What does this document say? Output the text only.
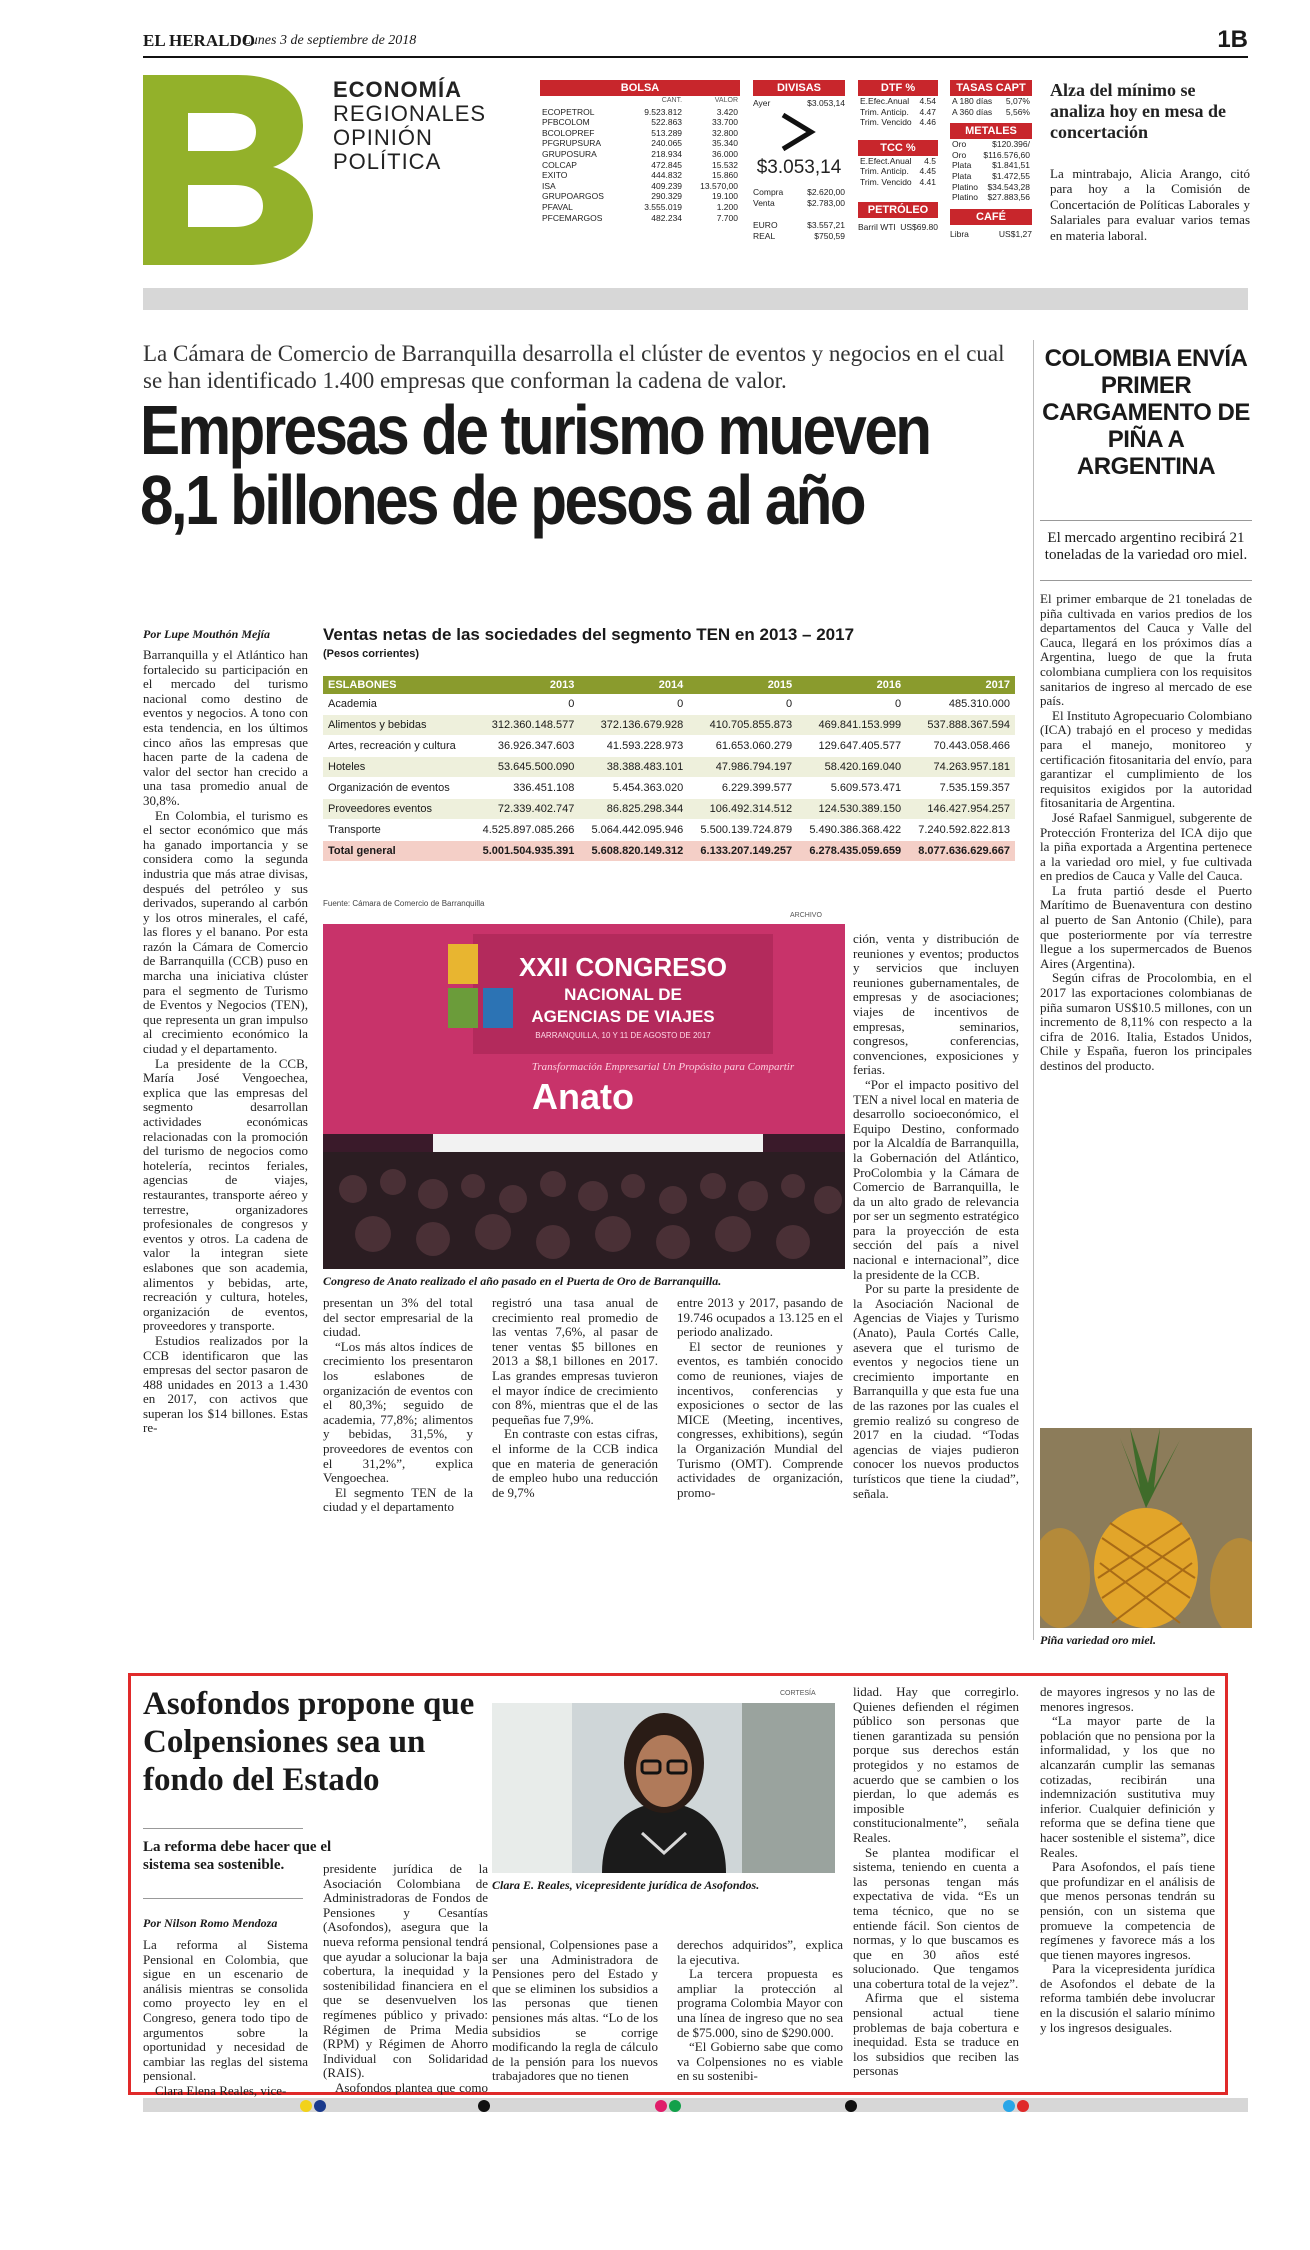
EL HERALDO
Lunes 3 de septiembre de 2018	1B
ECONOMÍA
REGIONALES
OPINIÓN
POLÍTICA
BOLSA
	CANT.	VALOR
ECOPETROL	9.523.812	3.420
PFBCOLOM	522.863	33.700
BCOLOPREF	513.289	32.800
PFGRUPSURA	240.065	35.340
GRUPOSURA	218.934	36.000
COLCAP	472.845	15.532
EXITO	444.832	15.860
ISA	409.239	13.570,00
GRUPOARGOS	290.329	19.100
PFAVAL	3.555.019	1.200
PFCEMARGOS	482.234	7.700
DIVISAS
Ayer	$3.053,14
$3.053,14
Compra	$2.620,00
Venta	$2.783,00
EURO	$3.557,21
REAL	$750,59
DTF %
E.Efec.Anual	4.54
Trim. Anticip.	4.47
Trim. Vencido	4.46
TCC %
E.Efect.Anual	4.5
Trim. Anticip.	4.45
Trim. Vencido	4.41
PETRÓLEO
Barril WTI US$69.80
TASAS CAPT
A 180 días	5,07%
A 360 días	5,56%
METALES
Oro	$120.396/
Oro	$116.576,60
Plata	$1.841,51
Plata	$1.472,55
Platino	$34.543,28
Platino	$27.883,56
CAFÉ
Libra	US$1,27
Alza del mínimo se analiza hoy en mesa de concertación
La mintrabajo, Alicia Arango, citó para hoy a la Comisión de Concertación de Políticas Laborales y Salariales para evaluar varios temas en materia laboral.
La Cámara de Comercio de Barranquilla desarrolla el clúster de eventos y negocios en el cual se han identificado 1.400 empresas que conforman la cadena de valor.
Empresas de turismo mueven
8,1 billones de pesos al año
Por Lupe Mouthón Mejía

Barranquilla y el Atlántico han fortalecido su participación en el mercado del turismo nacional como destino de eventos y negocios. A tono con esta tendencia, en los últimos cinco años las empresas que hacen parte de la cadena de valor del sector han crecido a una tasa promedio anual de 30,8%.

En Colombia, el turismo es el sector económico que más ha ganado importancia y se considera como la segunda industria que más atrae divisas, después del petróleo y sus derivados, superando al carbón y los otros minerales, el café, las flores y el banano. Por esta razón la Cámara de Comercio de Barranquilla (CCB) puso en marcha una iniciativa clúster para el segmento de Turismo de Eventos y Negocios (TEN), que representa un gran impulso al crecimiento económico la ciudad y el departamento.

La presidente de la CCB, María José Vengoechea, explica que las empresas del segmento desarrollan actividades económicas relacionadas con la promoción del turismo de negocios como hotelería, recintos feriales, agencias de viajes, restaurantes, transporte aéreo y terrestre, organizadores profesionales de congresos y eventos y otros. La cadena de valor la integran siete eslabones que son academia, alimentos y bebidas, arte, recreación y cultura, hoteles, organización de eventos, proveedores y transporte.

Estudios realizados por la CCB identificaron que las empresas del sector pasaron de 488 unidades en 2013 a 1.430 en 2017, con activos que superan los $14 billones. Estas re-

Ventas netas de las sociedades del segmento TEN en 2013 – 2017
(Pesos corrientes)
ESLABONES	2013	2014	2015	2016	2017
Academia	0	0	0	0	485.310.000
Alimentos y bebidas	312.360.148.577	372.136.679.928	410.705.855.873	469.841.153.999	537.888.367.594
Artes, recreación y cultura	36.926.347.603	41.593.228.973	61.653.060.279	129.647.405.577	70.443.058.466
Hoteles	53.645.500.090	38.388.483.101	47.986.794.197	58.420.169.040	74.263.957.181
Organización de eventos	336.451.108	5.454.363.020	6.229.399.577	5.609.573.471	7.535.159.357
Proveedores eventos	72.339.402.747	86.825.298.344	106.492.314.512	124.530.389.150	146.427.954.257
Transporte	4.525.897.085.266	5.064.442.095.946	5.500.139.724.879	5.490.386.368.422	7.240.592.822.813
Total general	5.001.504.935.391	5.608.820.149.312	6.133.207.149.257	6.278.435.059.659	8.077.636.629.667
Fuente: Cámara de Comercio de Barranquilla
ARCHIVO
XXII CONGRESO
NACIONAL DE
AGENCIAS DE VIAJES
BARRANQUILLA, 10 Y 11 DE AGOSTO DE 2017
Transformación Empresarial Un Propósito para Compartir
Anato
Congreso de Anato realizado el año pasado en el Puerta de Oro de Barranquilla.

presentan un 3% del total del sector empresarial de la ciudad.

“Los más altos índices de crecimiento los presentaron los eslabones de organización de eventos con el 80,3%; seguido de academia, 77,8%; alimentos y bebidas, 31,5%, y proveedores de eventos con el 31,2%”, explica Vengoechea.

El segmento TEN de la ciudad y el departamento

registró una tasa anual de crecimiento real promedio de las ventas 7,6%, al pasar de tener ventas $5 billones en 2013 a $8,1 billones en 2017. Las grandes empresas tuvieron el mayor índice de crecimiento con 8%, mientras que el de las pequeñas fue 7,9%.

En contraste con estas cifras, el informe de la CCB indica que en materia de generación de empleo hubo una reducción de 9,7%

entre 2013 y 2017, pasando de 19.746 ocupados a 13.125 en el periodo analizado.

El sector de reuniones y eventos, es también conocido como de reuniones, viajes de incentivos, conferencias y exposiciones o sector de las MICE (Meeting, incentives, congresses, exhibitions), según la Organización Mundial del Turismo (OMT). Comprende actividades de organización, promo-

ción, venta y distribución de reuniones y eventos; productos y servicios que incluyen reuniones gubernamentales, de empresas y de asociaciones; viajes de incentivos de empresas, seminarios, congresos, conferencias, convenciones, exposiciones y ferias.

“Por el impacto positivo del TEN a nivel local en materia de desarrollo socioeconómico, el Equipo Destino, conformado por la Alcaldía de Barranquilla, la Gobernación del Atlántico, ProColombia y la Cámara de Comercio de Barranquilla, le da un alto grado de relevancia por ser un segmento estratégico para la proyección de esta sección del país a nivel nacional e internacional”, dice la presidente de la CCB.

Por su parte la presidente de la Asociación Nacional de Agencias de Viajes y Turismo (Anato), Paula Cortés Calle, asevera que el turismo de eventos y negocios tiene un crecimiento importante en Barranquilla y que esta fue una de las razones por las cuales el gremio realizó su congreso de 2017 en la ciudad. “Todas agencias de viajes pudieron conocer los nuevos productos turísticos que tiene la ciudad”, señala.

COLOMBIA ENVÍA PRIMER CARGAMENTO DE PIÑA A ARGENTINA
El mercado argentino recibirá 21 toneladas de la variedad oro miel.

El primer embarque de 21 toneladas de piña cultivada en varios predios de los departamentos del Cauca y Valle del Cauca, llegará en los próximos días a Argentina, luego de que la fruta colombiana cumpliera con los requisitos sanitarios de ingreso al mercado de ese país.

El Instituto Agropecuario Colombiano (ICA) trabajó en el proceso y medidas para el manejo, monitoreo y certificación fitosanitaria del envío, para garantizar el cumplimiento de los requisitos exigidos por la autoridad fitosanitaria de Argentina.

José Rafael Sanmiguel, subgerente de Protección Fronteriza del ICA dijo que la piña exportada a Argentina pertenece a la variedad oro miel, y fue cultivada en predios de Cauca y Valle del Cauca.

La fruta partió desde el Puerto Marítimo de Buenaventura con destino al puerto de San Antonio (Chile), para que posteriormente por vía terrestre llegue a los supermercados de Buenos Aires (Argentina).

Según cifras de Procolombia, en el 2017 las exportaciones colombianas de piña sumaron US$10.5 millones, con un incremento de 8,11% con respecto a la cifra de 2016. Italia, Estados Unidos, Chile y España, fueron los principales destinos del producto.

Piña variedad oro miel.
Asofondos propone que Colpensiones sea un fondo del Estado
La reforma debe hacer que el sistema sea sostenible.
Por Nilson Romo Mendoza

La reforma al Sistema Pensional en Colombia, que sigue en un escenario de análisis mientras se consolida como proyecto ley en el Congreso, genera todo tipo de argumentos sobre la oportunidad y necesidad de cambiar las reglas del sistema pensional.

Clara Elena Reales, vice-

presidente jurídica de la Asociación Colombiana de Administradoras de Fondos de Pensiones y Cesantías (Asofondos), asegura que la nueva reforma pensional tendrá que ayudar a solucionar la baja cobertura, la inequidad y la sostenibilidad financiera en el que se desenvuelven los regímenes público y privado: Régimen de Prima Media (RPM) y Régimen de Ahorro Individual con Solidaridad (RAIS).

Asofondos plantea que como

CORTESÍA
Clara E. Reales, vicepresidente jurídica de Asofondos.

pensional, Colpensiones pase a ser una Administradora de Pensiones pero del Estado y que se eliminen los subsidios a las personas que tienen pensiones más altas. “Lo de los subsidios se corrige modificando la regla de cálculo de la pensión para los nuevos trabajadores que no tienen

derechos adquiridos”, explica la ejecutiva.

La tercera propuesta es ampliar la protección al programa Colombia Mayor con una línea de ingreso que no sea de $75.000, sino de $290.000.

“El Gobierno sabe que como va Colpensiones no es viable en su sostenibi-

lidad. Hay que corregirlo. Quienes defienden el régimen público son personas que tienen garantizada su pensión porque sus derechos están protegidos y no estamos de acuerdo que se cambien o los pierdan, lo que además es imposible constitucionalmente”, señala Reales.

Se plantea modificar el sistema, teniendo en cuenta a las personas tengan más expectativa de vida. “Es un tema técnico, que no se entiende fácil. Son cientos de normas, y lo que buscamos es que en 30 años esté solucionado. Que tengamos una cobertura total de la vejez”.

Afirma que el sistema pensional actual tiene problemas de baja cobertura e inequidad. Esta se traduce en los subsidios que reciben las personas

de mayores ingresos y no las de menores ingresos.

“La mayor parte de la población que no pensiona por la informalidad, y los que no alcanzarán cumplir las semanas cotizadas, recibirán una indemnización sustitutiva muy inferior. Cualquier definición y reforma que se defina tiene que hacer sostenible el sistema”, dice Reales.

Para Asofondos, el país tiene que profundizar en el análisis de que menos personas tendrán su pensión, con un sistema que promueve la competencia de regímenes y favorece más a los que tienen mayores ingresos.

Para la vicepresidenta jurídica de Asofondos el debate de la reforma también debe involucrar en la discusión el salario mínimo y los ingresos desiguales.
